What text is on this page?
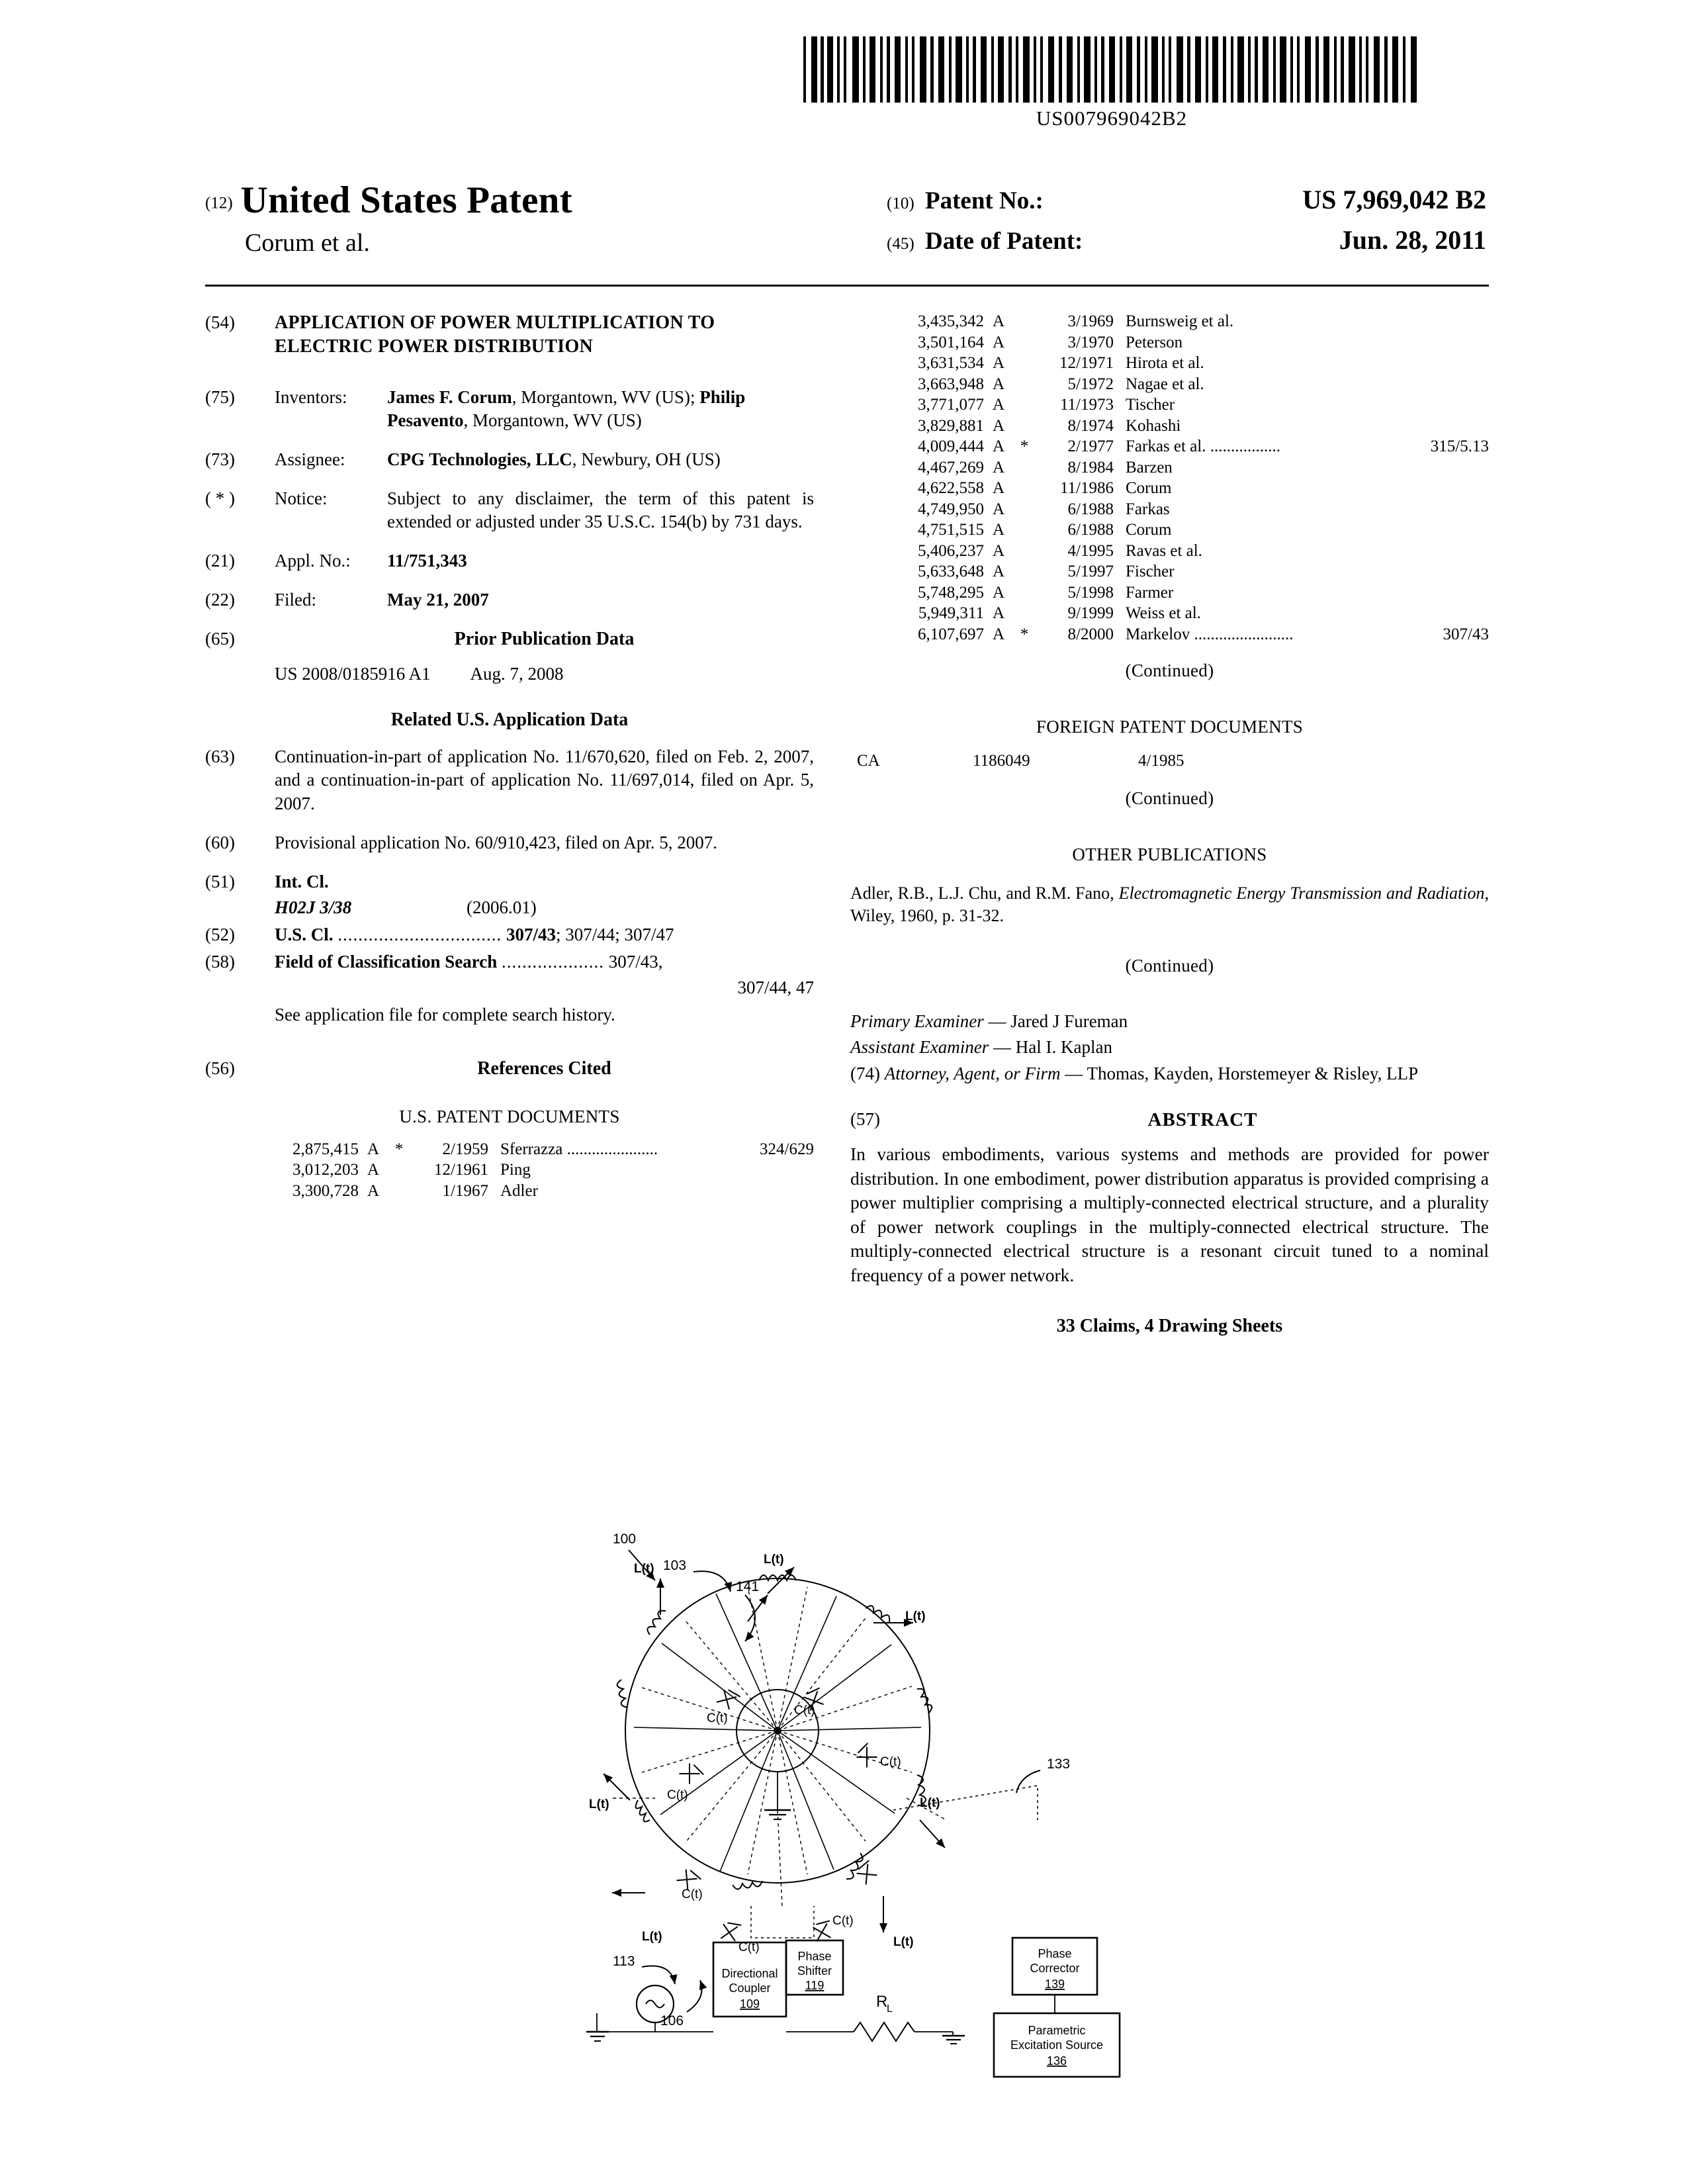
US007969042B2
(12) United States Patent
Corum et al.
(10) Patent No.:	US 7,969,042 B2
(45) Date of Patent:	Jun. 28, 2011
(54)	APPLICATION OF POWER MULTIPLICATION TO ELECTRIC POWER DISTRIBUTION
(75)	Inventors:	James F. Corum, Morgantown, WV (US); Philip Pesavento, Morgantown, WV (US)
(73)	Assignee:	CPG Technologies, LLC, Newbury, OH (US)
( * )	Notice:	Subject to any disclaimer, the term of this patent is extended or adjusted under 35 U.S.C. 154(b) by 731 days.
(21)	Appl. No.:	11/751,343
(22)	Filed:	May 21, 2007
(65)	Prior Publication Data
US 2008/0185916 A1 Aug. 7, 2008
Related U.S. Application Data
(63)	Continuation-in-part of application No. 11/670,620, filed on Feb. 2, 2007, and a continuation-in-part of application No. 11/697,014, filed on Apr. 5, 2007.
(60)	Provisional application No. 60/910,423, filed on Apr. 5, 2007.
(51)	Int. Cl.
H02J 3/38	(2006.01)
(52)	U.S. Cl. ................................ 307/43; 307/44; 307/47
(58)	Field of Classification Search .................... 307/43,
307/44, 47
See application file for complete search history.
(56)	References Cited
U.S. PATENT DOCUMENTS
2,875,415 A *	2/1959 Sferrazza ......................	324/629
3,012,203 A	12/1961 Ping
3,300,728 A	1/1967 Adler
3,435,342 A	3/1969 Burnsweig et al.
3,501,164 A	3/1970 Peterson
3,631,534 A	12/1971 Hirota et al.
3,663,948 A	5/1972 Nagae et al.
3,771,077 A	11/1973 Tischer
3,829,881 A	8/1974 Kohashi
4,009,444 A *	2/1977 Farkas et al. .................	315/5.13
4,467,269 A	8/1984 Barzen
4,622,558 A	11/1986 Corum
4,749,950 A	6/1988 Farkas
4,751,515 A	6/1988 Corum
5,406,237 A	4/1995 Ravas et al.
5,633,648 A	5/1997 Fischer
5,748,295 A	5/1998 Farmer
5,949,311 A	9/1999 Weiss et al.
6,107,697 A *	8/2000 Markelov ........................	307/43
(Continued)
FOREIGN PATENT DOCUMENTS
CA	1186049	4/1985
(Continued)
OTHER PUBLICATIONS
Adler, R.B., L.J. Chu, and R.M. Fano, Electromagnetic Energy Transmission and Radiation, Wiley, 1960, p. 31-32.
(Continued)
Primary Examiner — Jared J Fureman
Assistant Examiner — Hal I. Kaplan
(74) Attorney, Agent, or Firm — Thomas, Kayden, Horstemeyer & Risley, LLP
(57)	ABSTRACT
In various embodiments, various systems and methods are provided for power distribution. In one embodiment, power distribution apparatus is provided comprising a power multiplier comprising a multiply-connected electrical structure, and a plurality of power network couplings in the multiply-connected electrical structure. The multiply-connected electrical structure is a resonant circuit tuned to a nominal frequency of a power network.
33 Claims, 4 Drawing Sheets
100
103
141
133
113
106
L(t)
L(t)
L(t)
L(t)
L(t)
L(t)
L(t)
C(t)
C(t)
C(t)
C(t)
C(t)
C(t)
C(t)
R
L
Directional
Coupler
109
Phase
Shifter
119
Phase
Corrector
139
Parametric
Excitation Source
136
